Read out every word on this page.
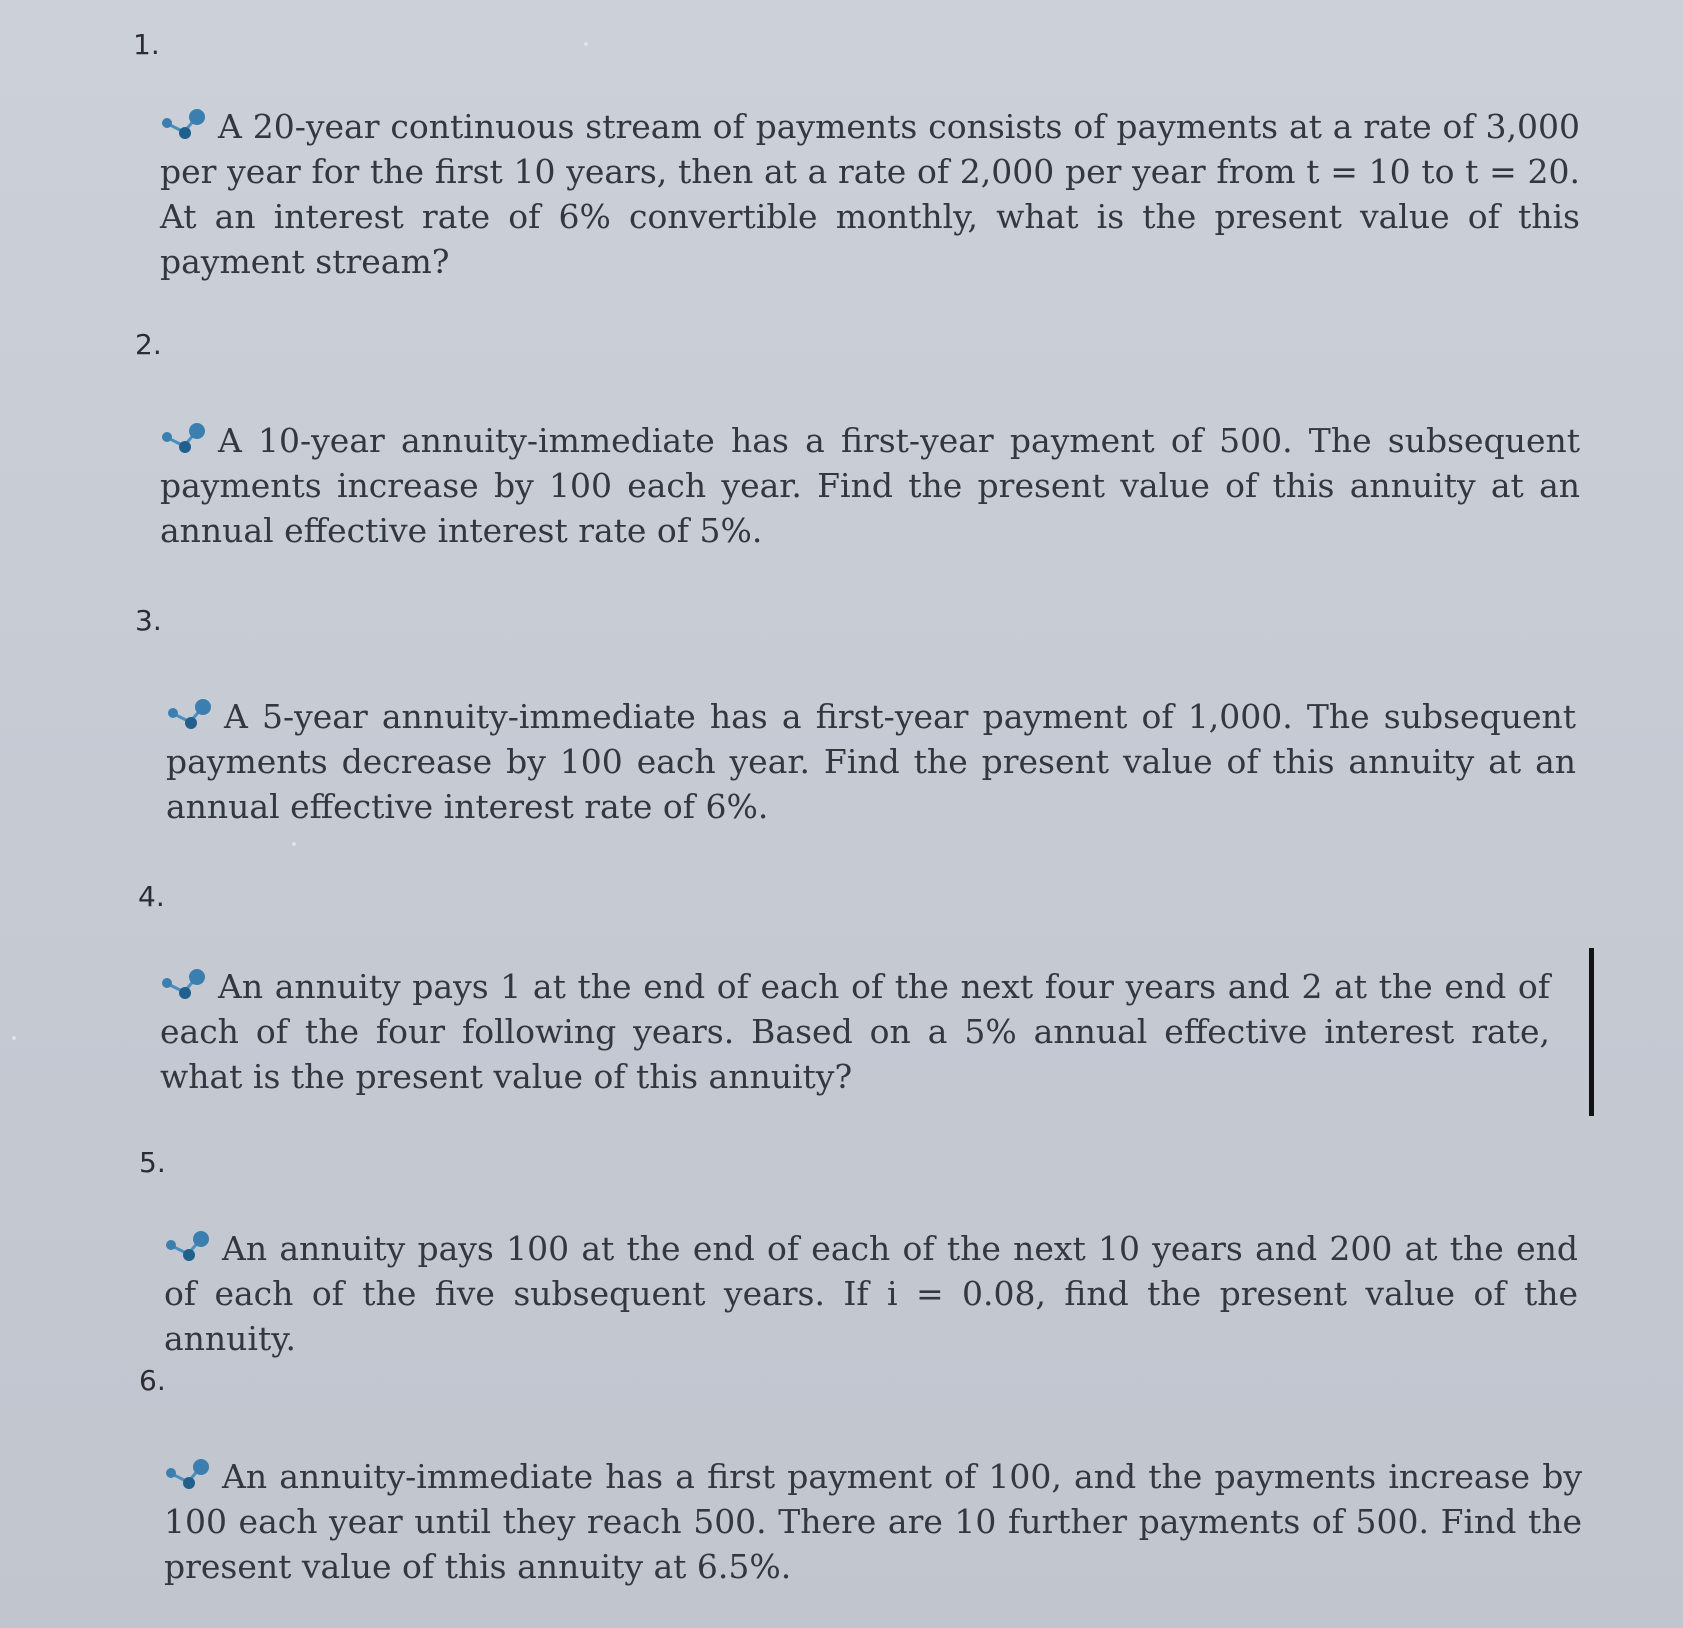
1.
A 20-year continuous stream of payments consists of payments at a rate of 3,000 per year for the first 10 years, then at a rate of 2,000 per year from t = 10 to t = 20. At an interest rate of 6% convertible monthly, what is the present value of this payment stream?
2.
A 10-year annuity-immediate has a first-year payment of 500. The subsequent payments increase by 100 each year. Find the present value of this annuity at an annual effective interest rate of 5%.
3.
A 5-year annuity-immediate has a first-year payment of 1,000. The subsequent payments decrease by 100 each year. Find the present value of this annuity at an annual effective interest rate of 6%.
4.
An annuity pays 1 at the end of each of the next four years and 2 at the end of each of the four following years. Based on a 5% annual effective interest rate, what is the present value of this annuity?
5.
An annuity pays 100 at the end of each of the next 10 years and 200 at the end of each of the five subsequent years. If i = 0.08, find the present value of the annuity.
6.
An annuity-immediate has a first payment of 100, and the payments increase by 100 each year until they reach 500. There are 10 further payments of 500. Find the present value of this annuity at 6.5%.
